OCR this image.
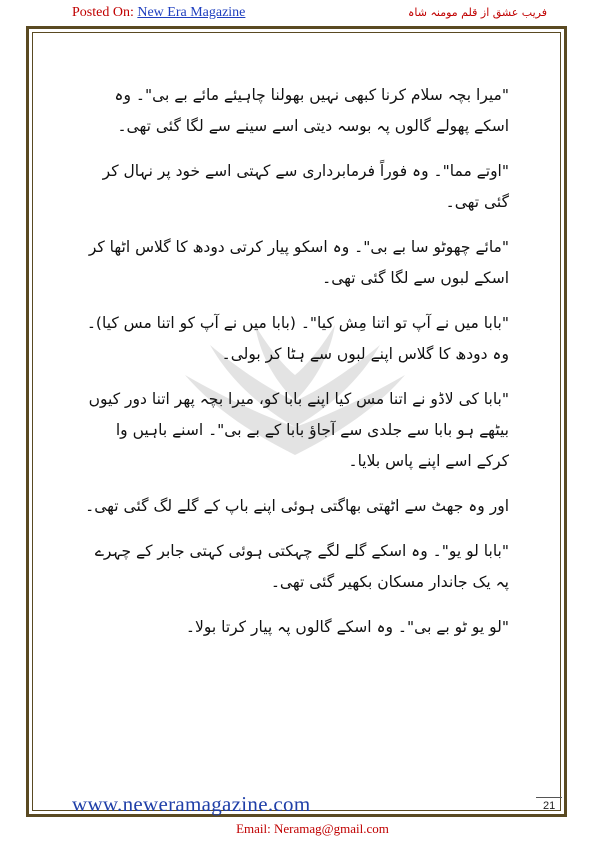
Posted On: New Era Magazine	فریب عشق از قلم مومنہ شاہ

"میرا بچہ سلام کرنا کبھی نہیں بھولنا چاہیئے مائے بے بی"۔ وہ اسکے پھولے گالوں پہ بوسہ دیتی اسے سینے سے لگا گئی تھی۔

"اوتے مما"۔ وہ فوراً فرمابرداری سے کہتی اسے خود پر نہال کر گئی تھی۔

"مائے چھوٹو سا بے بی"۔ وہ اسکو پیار کرتی دودھ کا گلاس اٹھا کر اسکے لبوں سے لگا گئی تھی۔

"بابا میں نے آپ تو اتنا مِش کیا"۔ (بابا میں نے آپ کو اتنا مس کیا)۔ وہ دودھ کا گلاس اپنے لبوں سے ہٹا کر بولی۔

"بابا کی لاڈو نے اتنا مس کیا اپنے بابا کو، میرا بچہ پھر اتنا دور کیوں بیٹھے ہو بابا سے جلدی سے آجاؤ بابا کے بے بی"۔ اسنے باہیں وا کرکے اسے اپنے پاس بلایا۔

اور وہ جھٹ سے اٹھتی بھاگتی ہوئی اپنے باپ کے گلے لگ گئی تھی۔

"بابا لو یو"۔ وہ اسکے گلے لگے چہکتی ہوئی کہتی جابر کے چہرے پہ یک جاندار مسکان بکھیر گئی تھی۔

"لو یو ٹو بے بی"۔ وہ اسکے گالوں پہ پیار کرتا بولا۔

www.neweramagazine.com	21
Email: Neramag@gmail.com
